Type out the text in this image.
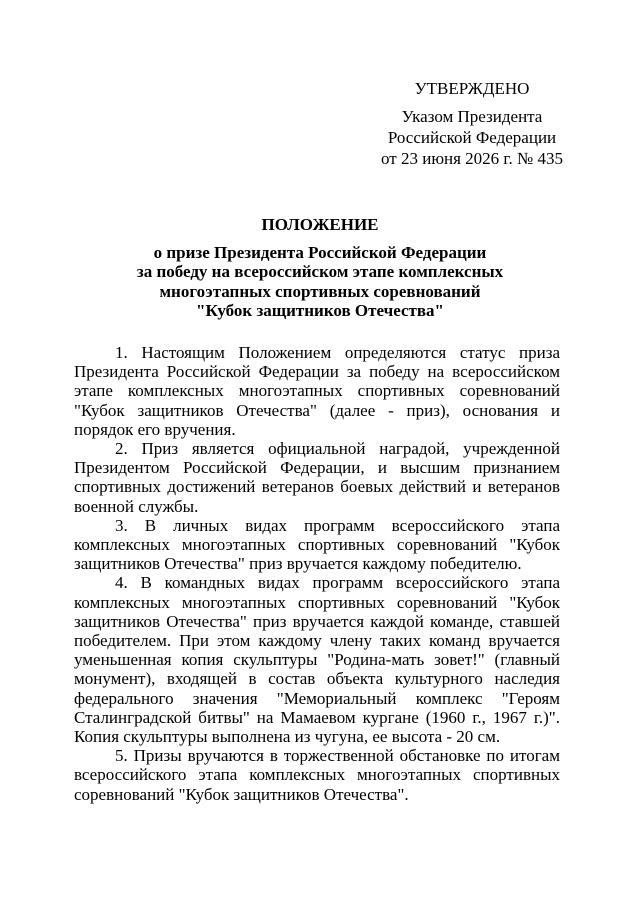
УТВЕРЖДЕНО
Указом Президента
Российской Федерации
от 23 июня 2026 г. № 435
ПОЛОЖЕНИЕ
о призе Президента Российской Федерации
за победу на всероссийском этапе комплексных
многоэтапных спортивных соревнований
"Кубок защитников Отечества"

1. Настоящим Положением определяются статус приза Президента Российской Федерации за победу на всероссийском этапе комплексных многоэтапных спортивных соревнований "Кубок защитников Отечества" (далее - приз), основания и порядок его вручения.

2. Приз является официальной наградой, учрежденной Президентом Российской Федерации, и высшим признанием спортивных достижений ветеранов боевых действий и ветеранов военной службы.

3. В личных видах программ всероссийского этапа комплексных многоэтапных спортивных соревнований "Кубок защитников Отечества" приз вручается каждому победителю.

4. В командных видах программ всероссийского этапа комплексных многоэтапных спортивных соревнований "Кубок защитников Отечества" приз вручается каждой команде, ставшей победителем. При этом каждому члену таких команд вручается уменьшенная копия скульптуры "Родина-мать зовет!" (главный монумент), входящей в состав объекта культурного наследия федерального значения "Мемориальный комплекс "Героям Сталинградской битвы" на Мамаевом кургане (1960 г., 1967 г.)". Копия скульптуры выполнена из чугуна, ее высота - 20 см.

5. Призы вручаются в торжественной обстановке по итогам всероссийского этапа комплексных многоэтапных спортивных соревнований "Кубок защитников Отечества".
